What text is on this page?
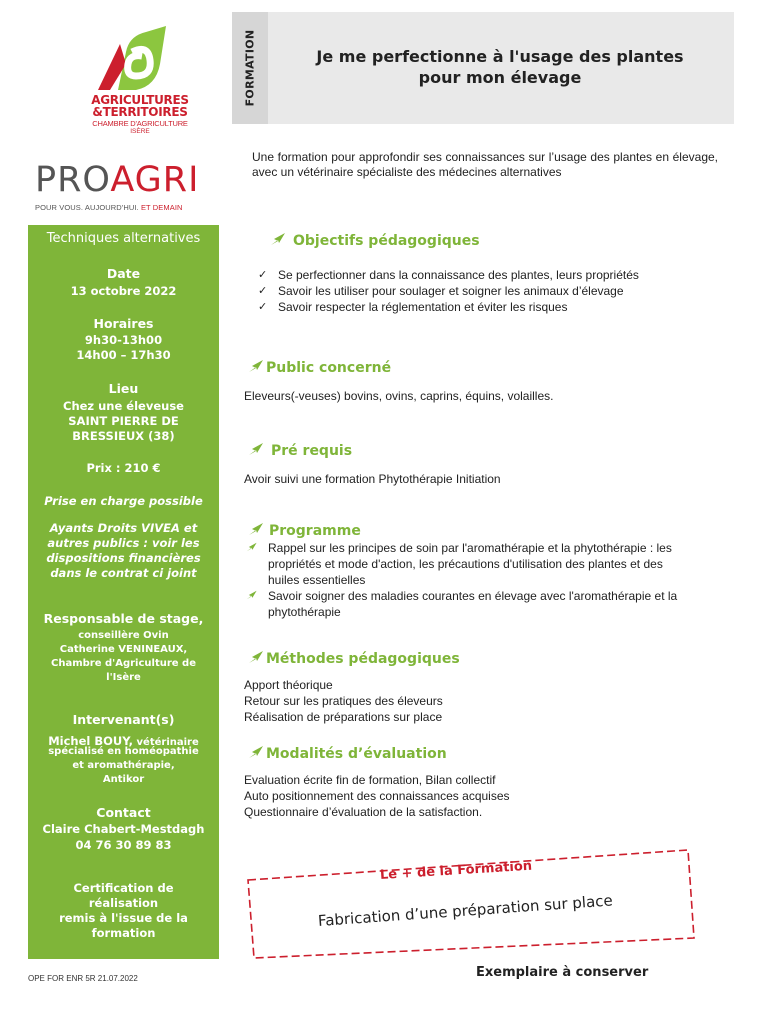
AGRICULTURES
&TERRITOIRES
CHAMBRE D'AGRICULTURE
ISÈRE
PROAGRI
POUR VOUS. AUJOURD'HUI. ET DEMAIN
Techniques alternatives
Date
13 octobre 2022
Horaires
9h30-13h00
14h00 – 17h30
Lieu
Chez une éleveuse
SAINT PIERRE DE
BRESSIEUX (38)
Prix : 210 €
Prise en charge possible
Ayants Droits VIVEA et
autres publics : voir les
dispositions financières
dans le contrat ci joint
Responsable de stage,
conseillère Ovin
Catherine VENINEAUX,
Chambre d'Agriculture de
l'Isère
Intervenant(s)
Michel BOUY, vétérinaire
spécialisé en homéopathie
et aromathérapie,
Antikor
Contact
Claire Chabert-Mestdagh
04 76 30 89 83
Certification de
réalisation
remis à l'issue de la
formation
FORMATION	Je me perfectionne à l'usage des plantes
pour mon élevage
Une formation pour approfondir ses connaissances sur l’usage des plantes en élevage, avec un vétérinaire spécialiste des médecines alternatives
Objectifs pédagogiques
✓ Se perfectionner dans la connaissance des plantes, leurs propriétés
✓ Savoir les utiliser pour soulager et soigner les animaux d’élevage
✓ Savoir respecter la réglementation et éviter les risques
Public concerné
Eleveurs(-veuses) bovins, ovins, caprins, équins, volailles.
Pré requis
Avoir suivi une formation Phytothérapie Initiation
Programme
Rappel sur les principes de soin par l'aromathérapie et la phytothérapie : les propriétés et mode d'action, les précautions d'utilisation des plantes et des huiles essentielles
Savoir soigner des maladies courantes en élevage avec l'aromathérapie et la phytothérapie
Méthodes pédagogiques
Apport théorique
Retour sur les pratiques des éleveurs
Réalisation de préparations sur place
Modalités d’évaluation
Evaluation écrite fin de formation, Bilan collectif
Auto positionnement des connaissances acquises
Questionnaire d’évaluation de la satisfaction.
Le + de la Formation
Fabrication d’une préparation sur place
OPE FOR ENR 5R 21.07.2022	Exemplaire à conserver
